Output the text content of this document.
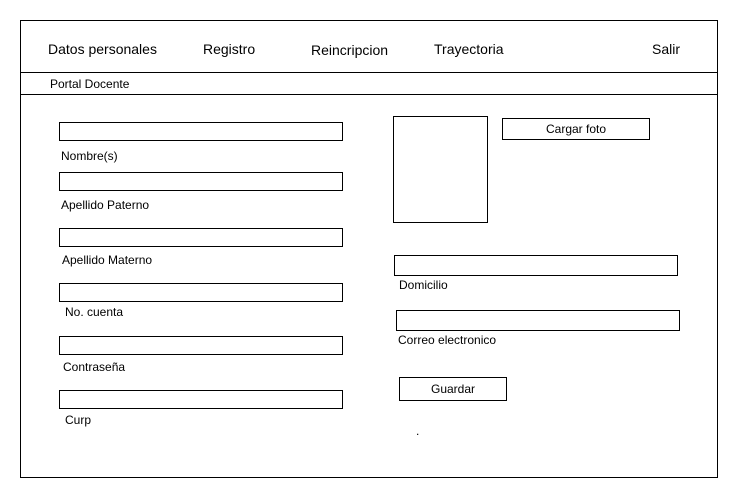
Datos personales	Registro	Reincripcion	Trayectoria	Salir
Portal Docente
Nombre(s)
Apellido Paterno
Apellido Materno
No. cuenta
Contraseña
Curp
Cargar foto
Domicilio
Correo electronico
Guardar
.
